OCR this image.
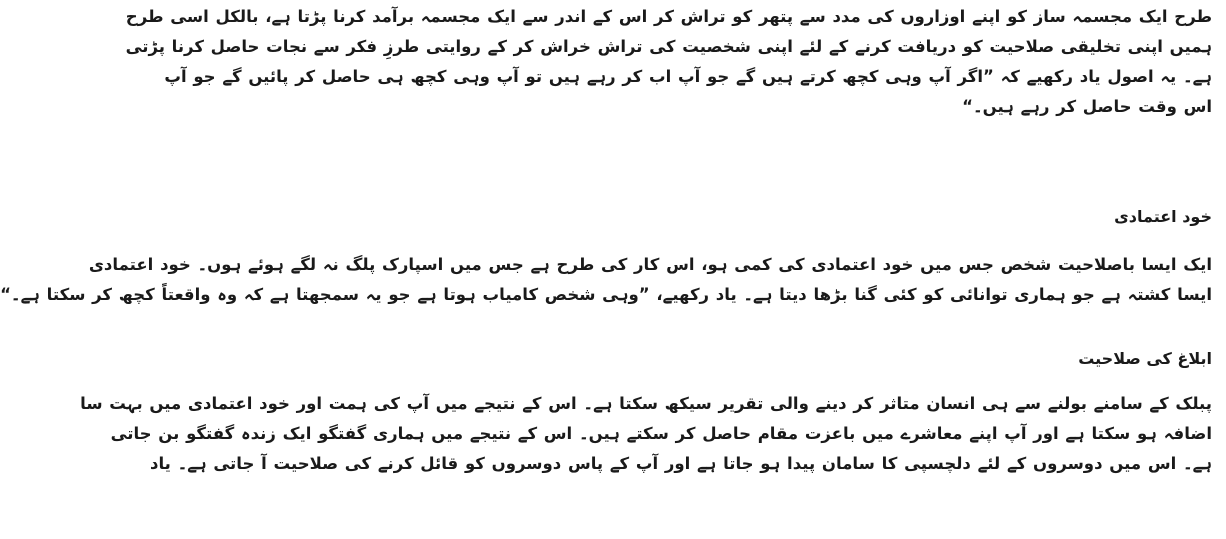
طرح ایک مجسمہ ساز کو اپنے اوزاروں کی مدد سے پتھر کو تراش کر اس کے اندر سے ایک مجسمہ برآمد کرنا پڑتا ہے، بالکل اسی طرح
ہمیں اپنی تخلیقی صلاحیت کو دریافت کرنے کے لئے اپنی شخصیت کی تراش خراش کر کے روایتی طرزِ فکر سے نجات حاصل کرنا پڑتی
ہے۔ یہ اصول یاد رکھیے کہ ”اگر آپ وہی کچھ کرتے ہیں گے جو آپ اب کر رہے ہیں تو آپ وہی کچھ ہی حاصل کر پائیں گے جو آپ
اس وقت حاصل کر رہے ہیں۔“

خود اعتمادی

ایک ایسا باصلاحیت شخص جس میں خود اعتمادی کی کمی ہو، اس کار کی طرح ہے جس میں اسپارک پلگ نہ لگے ہوئے ہوں۔ خود اعتمادی
ایسا کشتہ ہے جو ہماری توانائی کو کئی گنا بڑھا دیتا ہے۔ یاد رکھیے، ”وہی شخص کامیاب ہوتا ہے جو یہ سمجھتا ہے کہ وہ واقعتاً کچھ کر سکتا ہے۔“

ابلاغ کی صلاحیت

پبلک کے سامنے بولنے سے ہی انسان متاثر کر دینے والی تقریر سیکھ سکتا ہے۔ اس کے نتیجے میں آپ کی ہمت اور خود اعتمادی میں بہت سا
اضافہ ہو سکتا ہے اور آپ اپنے معاشرے میں باعزت مقام حاصل کر سکتے ہیں۔ اس کے نتیجے میں ہماری گفتگو ایک زندہ گفتگو بن جاتی
ہے۔ اس میں دوسروں کے لئے دلچسپی کا سامان پیدا ہو جاتا ہے اور آپ کے پاس دوسروں کو قائل کرنے کی صلاحیت آ جاتی ہے۔ یاد
